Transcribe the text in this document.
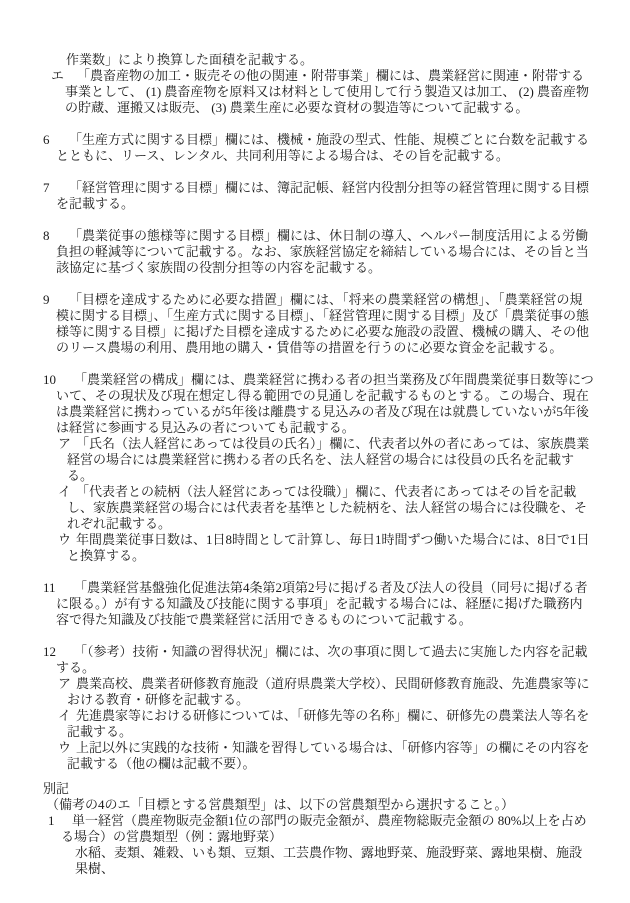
作業数」により換算した面積を記載する。
エ 「農畜産物の加工・販売その他の関連・附帯事業」欄には、農業経営に関連・附帯する事業として、 (1) 農畜産物を原料又は材料として使用して行う製造又は加工、 (2) 農畜産物の貯蔵、運搬又は販売、 (3) 農業生産に必要な資材の製造等について記載する。
6 「生産方式に関する目標」欄には、機械・施設の型式、性能、規模ごとに台数を記載するとともに、リース、レンタル、共同利用等による場合は、その旨を記載する。
7 「経営管理に関する目標」欄には、簿記記帳、経営内役割分担等の経営管理に関する目標を記載する。
8 「農業従事の態様等に関する目標」欄には、休日制の導入、ヘルパー制度活用による労働負担の軽減等について記載する。なお、家族経営協定を締結している場合には、その旨と当該協定に基づく家族間の役割分担等の内容を記載する。
9 「目標を達成するために必要な措置」欄には、「将来の農業経営の構想」、「農業経営の規模に関する目標」、「生産方式に関する目標」、「経営管理に関する目標」及び「農業従事の態様等に関する目標」に掲げた目標を達成するために必要な施設の設置、機械の購入、その他のリース農場の利用、農用地の購入・賃借等の措置を行うのに必要な資金を記載する。
10 「農業経営の構成」欄には、農業経営に携わる者の担当業務及び年間農業従事日数等について、その現状及び現在想定し得る範囲での見通しを記載するものとする。この場合、現在は農業経営に携わっているが5年後は離農する見込みの者及び現在は就農していないが5年後は経営に参画する見込みの者についても記載する。
ア 「氏名（法人経営にあっては役員の氏名）」欄に、代表者以外の者にあっては、家族農業経営の場合には農業経営に携わる者の氏名を、法人経営の場合には役員の氏名を記載する。
イ 「代表者との続柄（法人経営にあっては役職）」欄に、代表者にあってはその旨を記載し、家族農業経営の場合には代表者を基準とした続柄を、法人経営の場合には役職を、それぞれ記載する。
ウ 年間農業従事日数は、1日8時間として計算し、毎日1時間ずつ働いた場合には、8日で1日と換算する。
11 「農業経営基盤強化促進法第4条第2項第2号に掲げる者及び法人の役員（同号に掲げる者に限る。）が有する知識及び技能に関する事項」を記載する場合には、経歴に掲げた職務内容で得た知識及び技能で農業経営に活用できるものについて記載する。
12 「（参考）技術・知識の習得状況」欄には、次の事項に関して過去に実施した内容を記載する。
ア 農業高校、農業者研修教育施設（道府県農業大学校）、民間研修教育施設、先進農家等における教育・研修を記載する。
イ 先進農家等における研修については、「研修先等の名称」欄に、研修先の農業法人等名を記載する。
ウ 上記以外に実践的な技術・知識を習得している場合は、「研修内容等」の欄にその内容を記載する（他の欄は記載不要）。
別記
（備考の4のエ「目標とする営農類型」は、以下の営農類型から選択すること。）
1 単一経営（農産物販売金額1位の部門の販売金額が、農産物総販売金額の 80%以上を占める場合）の営農類型（例：露地野菜）
水稲、麦類、雑穀、いも類、豆類、工芸農作物、露地野菜、施設野菜、露地果樹、施設果樹、
